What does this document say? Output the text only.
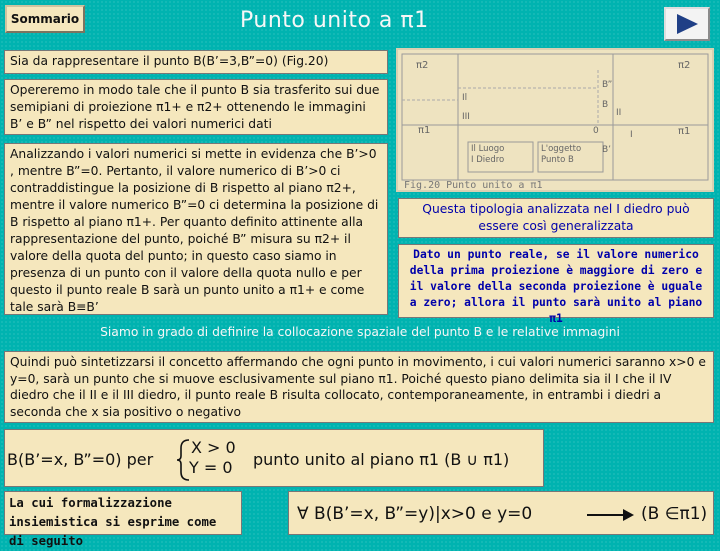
Sommario	Punto unito a π1
Sia da rappresentare il punto B(B’=3,B”=0) (Fig.20)
Opereremo in modo tale che il punto B sia trasferito sui due semipiani di proiezione π1+ e π2+ ottenendo le immagini B’ e B” nel rispetto dei valori numerici dati
Analizzando i valori numerici si mette in evidenza che B’>0 , mentre B”=0. Pertanto, il valore numerico di B’>0 ci contraddistingue la posizione di B rispetto al piano π2+, mentre il valore numerico B”=0 ci determina la posizione di B rispetto al piano π1+. Per quanto definito attinente alla rappresentazione del punto, poiché B” misura su π2+ il valore della quota del punto; in questo caso siamo in presenza di un punto con il valore della quota nullo e per questo il punto reale B sarà un punto unito a π1+ e come tale sarà B≡B’
π2	π2
π1	π1
II
I
B”
B
B’
0
Il
III
Il Luogo
I Diedro
L'oggetto
Punto B
Fig.20 Punto unito a π1
Questa tipologia analizzata nel I diedro può essere così generalizzata
Dato un punto reale, se il valore numerico della prima proiezione è maggiore di zero e il valore della seconda proiezione è uguale a zero; allora il punto sarà unito al piano π1
Siamo in grado di definire la collocazione spaziale del punto B e le relative immagini
Quindi può sintetizzarsi il concetto affermando che ogni punto in movimento, i cui valori numerici saranno x>0 e y=0, sarà un punto che si muove esclusivamente sul piano π1. Poiché questo piano delimita sia il I che il IV diedro che il II e il III diedro, il punto reale B risulta collocato, contemporaneamente, in entrambi i diedri a seconda che x sia positivo o negativo
B(B’=x, B”=0) per
X > 0
Y = 0 punto unito al piano π1 (B ∪ π1)
La cui formalizzazione insiemistica si esprime come di seguito
∀ B(B’=x, B”=y)|x>0 e y=0	(B ∈π1)
